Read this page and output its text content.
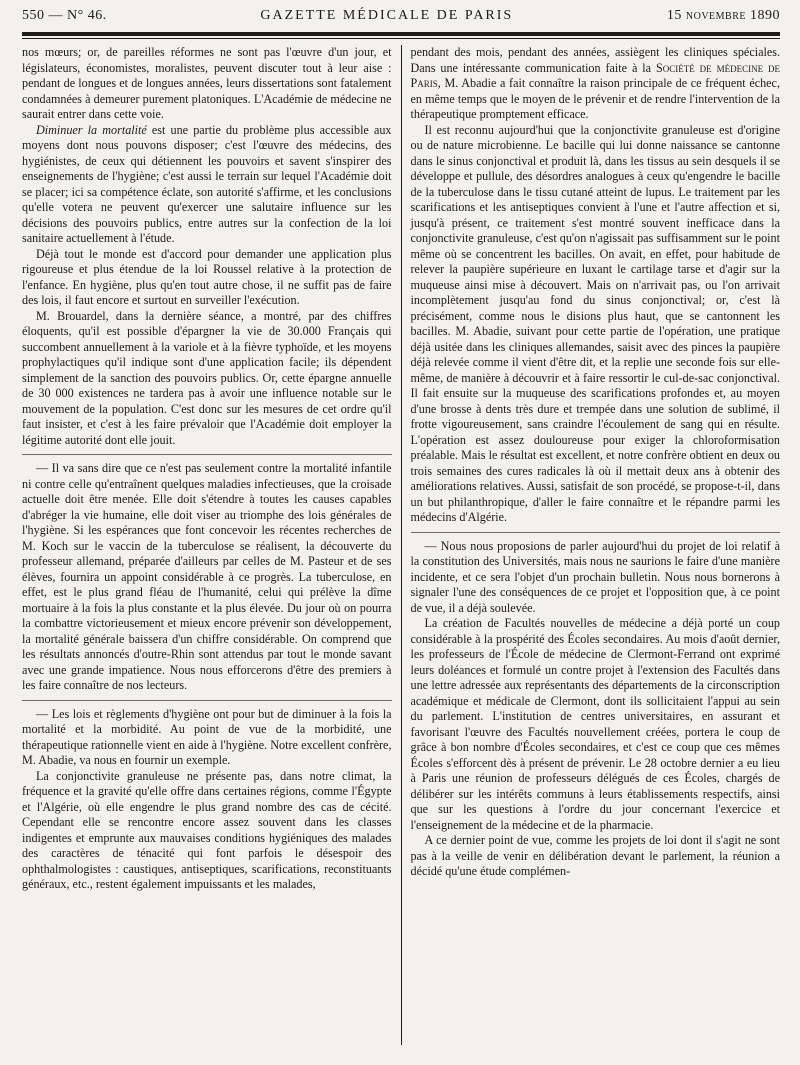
550 — N° 46.	GAZETTE MÉDICALE DE PARIS	15 novembre 1890

nos mœurs; or, de pareilles réformes ne sont pas l'œuvre d'un jour, et législateurs, économistes, moralistes, peuvent discuter tout à leur aise : pendant de longues et de longues années, leurs dissertations sont fatalement condamnées à demeurer purement platoniques. L'Académie de médecine ne saurait entrer dans cette voie.

Diminuer la mortalité est une partie du problème plus accessible aux moyens dont nous pouvons disposer; c'est l'œuvre des médecins, des hygiénistes, de ceux qui détiennent les pouvoirs et savent s'inspirer des enseignements de l'hygiène; c'est aussi le terrain sur lequel l'Académie doit se placer; ici sa compétence éclate, son autorité s'affirme, et les conclusions qu'elle votera ne peuvent qu'exercer une salutaire influence sur les décisions des pouvoirs publics, entre autres sur la confection de la loi sanitaire actuellement à l'étude.

Déjà tout le monde est d'accord pour demander une application plus rigoureuse et plus étendue de la loi Roussel relative à la protection de l'enfance. En hygiène, plus qu'en tout autre chose, il ne suffit pas de faire des lois, il faut encore et surtout en surveiller l'exécution.

M. Brouardel, dans la dernière séance, a montré, par des chiffres éloquents, qu'il est possible d'épargner la vie de 30.000 Français qui succombent annuellement à la variole et à la fièvre typhoïde, et les moyens prophylactiques qu'il indique sont d'une application facile; ils dépendent simplement de la sanction des pouvoirs publics. Or, cette épargne annuelle de 30 000 existences ne tardera pas à avoir une influence notable sur le mouvement de la population. C'est donc sur les mesures de cet ordre qu'il faut insister, et c'est à les faire prévaloir que l'Académie doit employer la légitime autorité dont elle jouit.

— Il va sans dire que ce n'est pas seulement contre la mortalité infantile ni contre celle qu'entraînent quelques maladies infectieuses, que la croisade actuelle doit être menée. Elle doit s'étendre à toutes les causes capables d'abréger la vie humaine, elle doit viser au triomphe des lois générales de l'hygiène. Si les espérances que font concevoir les récentes recherches de M. Koch sur le vaccin de la tuberculose se réalisent, la découverte du professeur allemand, préparée d'ailleurs par celles de M. Pasteur et de ses élèves, fournira un appoint considérable à ce progrès. La tuberculose, en effet, est le plus grand fléau de l'humanité, celui qui prélève la dîme mortuaire à la fois la plus constante et la plus élevée. Du jour où on pourra la combattre victorieusement et mieux encore prévenir son développement, la mortalité générale baissera d'un chiffre considérable. On comprend que les résultats annoncés d'outre-Rhin sont attendus par tout le monde savant avec une grande impatience. Nous nous efforcerons d'être des premiers à les faire connaître de nos lecteurs.

— Les lois et règlements d'hygiène ont pour but de diminuer à la fois la mortalité et la morbidité. Au point de vue de la morbidité, une thérapeutique rationnelle vient en aide à l'hygiène. Notre excellent confrère, M. Abadie, va nous en fournir un exemple.

La conjonctivite granuleuse ne présente pas, dans notre climat, la fréquence et la gravité qu'elle offre dans certaines régions, comme l'Égypte et l'Algérie, où elle engendre le plus grand nombre des cas de cécité. Cependant elle se rencontre encore assez souvent dans les classes indigentes et emprunte aux mauvaises conditions hygiéniques des malades des caractères de ténacité qui font parfois le désespoir des ophthalmologistes : caustiques, antiseptiques, scarifications, reconstituants généraux, etc., restent également impuissants et les malades,

pendant des mois, pendant des années, assiègent les cliniques spéciales. Dans une intéressante communication faite à la Société de médecine de Paris, M. Abadie a fait connaître la raison principale de ce fréquent échec, en même temps que le moyen de le prévenir et de rendre l'intervention de la thérapeutique promptement efficace.

Il est reconnu aujourd'hui que la conjonctivite granuleuse est d'origine ou de nature microbienne. Le bacille qui lui donne naissance se cantonne dans le sinus conjonctival et produit là, dans les tissus au sein desquels il se développe et pullule, des désordres analogues à ceux qu'engendre le bacille de la tuberculose dans le tissu cutané atteint de lupus. Le traitement par les scarifications et les antiseptiques convient à l'une et l'autre affection et si, jusqu'à présent, ce traitement s'est montré souvent inefficace dans la conjonctivite granuleuse, c'est qu'on n'agissait pas suffisamment sur le point même où se concentrent les bacilles. On avait, en effet, pour habitude de relever la paupière supérieure en luxant le cartilage tarse et d'agir sur la muqueuse ainsi mise à découvert. Mais on n'arrivait pas, ou l'on arrivait incomplètement jusqu'au fond du sinus conjonctival; or, c'est là précisément, comme nous le disions plus haut, que se cantonnent les bacilles. M. Abadie, suivant pour cette partie de l'opération, une pratique déjà usitée dans les cliniques allemandes, saisit avec des pinces la paupière déjà relevée comme il vient d'être dit, et la replie une seconde fois sur elle-même, de manière à découvrir et à faire ressortir le cul-de-sac conjonctival. Il fait ensuite sur la muqueuse des scarifications profondes et, au moyen d'une brosse à dents très dure et trempée dans une solution de sublimé, il frotte vigoureusement, sans craindre l'écoulement de sang qui en résulte. L'opération est assez douloureuse pour exiger la chloroformisation préalable. Mais le résultat est excellent, et notre confrère obtient en deux ou trois semaines des cures radicales là où il mettait deux ans à obtenir des améliorations relatives. Aussi, satisfait de son procédé, se propose-t-il, dans un but philanthropique, d'aller le faire connaître et le répandre parmi les médecins d'Algérie.

— Nous nous proposions de parler aujourd'hui du projet de loi relatif à la constitution des Universités, mais nous ne saurions le faire d'une manière incidente, et ce sera l'objet d'un prochain bulletin. Nous nous bornerons à signaler l'une des conséquences de ce projet et l'opposition que, à ce point de vue, il a déjà soulevée.

La création de Facultés nouvelles de médecine a déjà porté un coup considérable à la prospérité des Écoles secondaires. Au mois d'août dernier, les professeurs de l'École de médecine de Clermont-Ferrand ont exprimé leurs doléances et formulé un contre projet à l'extension des Facultés dans une lettre adressée aux représentants des départements de la circonscription académique et médicale de Clermont, dont ils sollicitaient l'appui au sein du parlement. L'institution de centres universitaires, en assurant et favorisant l'œuvre des Facultés nouvellement créées, portera le coup de grâce à bon nombre d'Écoles secondaires, et c'est ce coup que ces mêmes Écoles s'efforcent dès à présent de prévenir. Le 28 octobre dernier a eu lieu à Paris une réunion de professeurs délégués de ces Écoles, chargés de délibérer sur les intérêts communs à leurs établissements respectifs, ainsi que sur les questions à l'ordre du jour concernant l'exercice et l'enseignement de la médecine et de la pharmacie.

A ce dernier point de vue, comme les projets de loi dont il s'agit ne sont pas à la veille de venir en délibération devant le parlement, la réunion a décidé qu'une étude complémen-
